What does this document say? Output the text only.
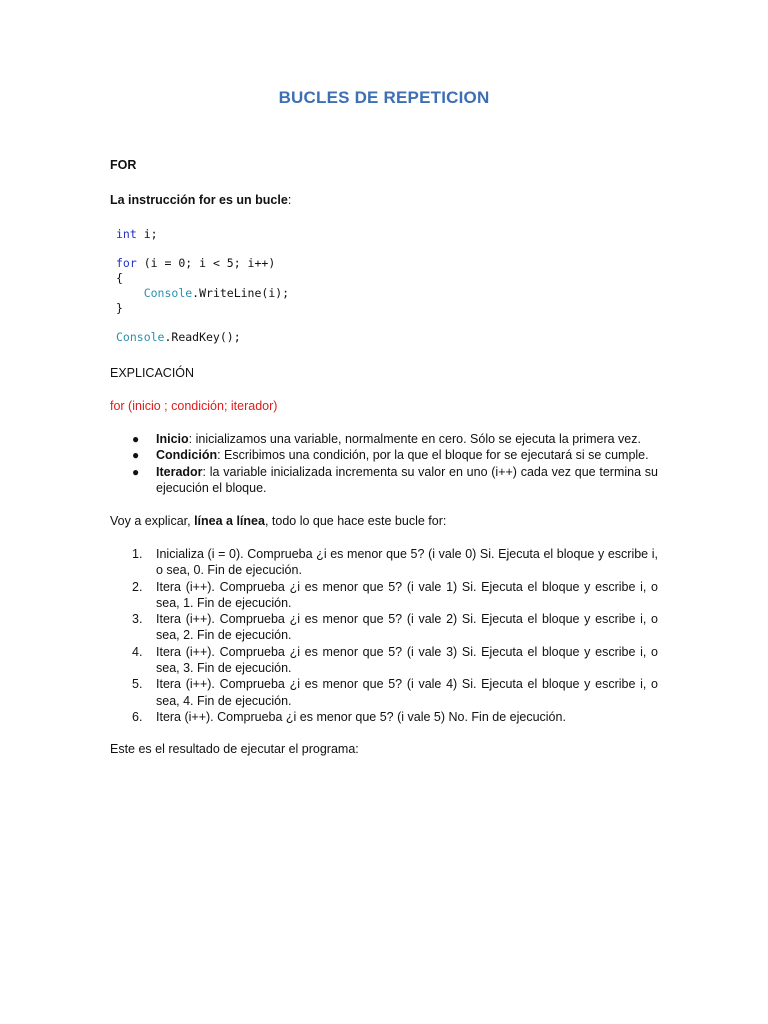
BUCLES DE REPETICION
FOR
La instrucción for es un bucle:
int i;
for (i = 0; i < 5; i++)
{
Console.WriteLine(i);
}
Console.ReadKey();
EXPLICACIÓN
for (inicio ; condición; iterador)
● Inicio: inicializamos una variable, normalmente en cero. Sólo se ejecuta la primera vez.
● Condición: Escribimos una condición, por la que el bloque for se ejecutará si se cumple.
● Iterador: la variable inicializada incrementa su valor en uno (i++) cada vez que termina su ejecución el bloque.
Voy a explicar, línea a línea, todo lo que hace este bucle for:
1. Inicializa (i = 0). Comprueba ¿i es menor que 5? (i vale 0) Si. Ejecuta el bloque y escribe i, o sea, 0. Fin de ejecución.
2. Itera (i++). Comprueba ¿i es menor que 5? (i vale 1) Si. Ejecuta el bloque y escribe i, o sea, 1. Fin de ejecución.
3. Itera (i++). Comprueba ¿i es menor que 5? (i vale 2) Si. Ejecuta el bloque y escribe i, o sea, 2. Fin de ejecución.
4. Itera (i++). Comprueba ¿i es menor que 5? (i vale 3) Si. Ejecuta el bloque y escribe i, o sea, 3. Fin de ejecución.
5. Itera (i++). Comprueba ¿i es menor que 5? (i vale 4) Si. Ejecuta el bloque y escribe i, o sea, 4. Fin de ejecución.
6. Itera (i++). Comprueba ¿i es menor que 5? (i vale 5) No. Fin de ejecución.
Este es el resultado de ejecutar el programa:
